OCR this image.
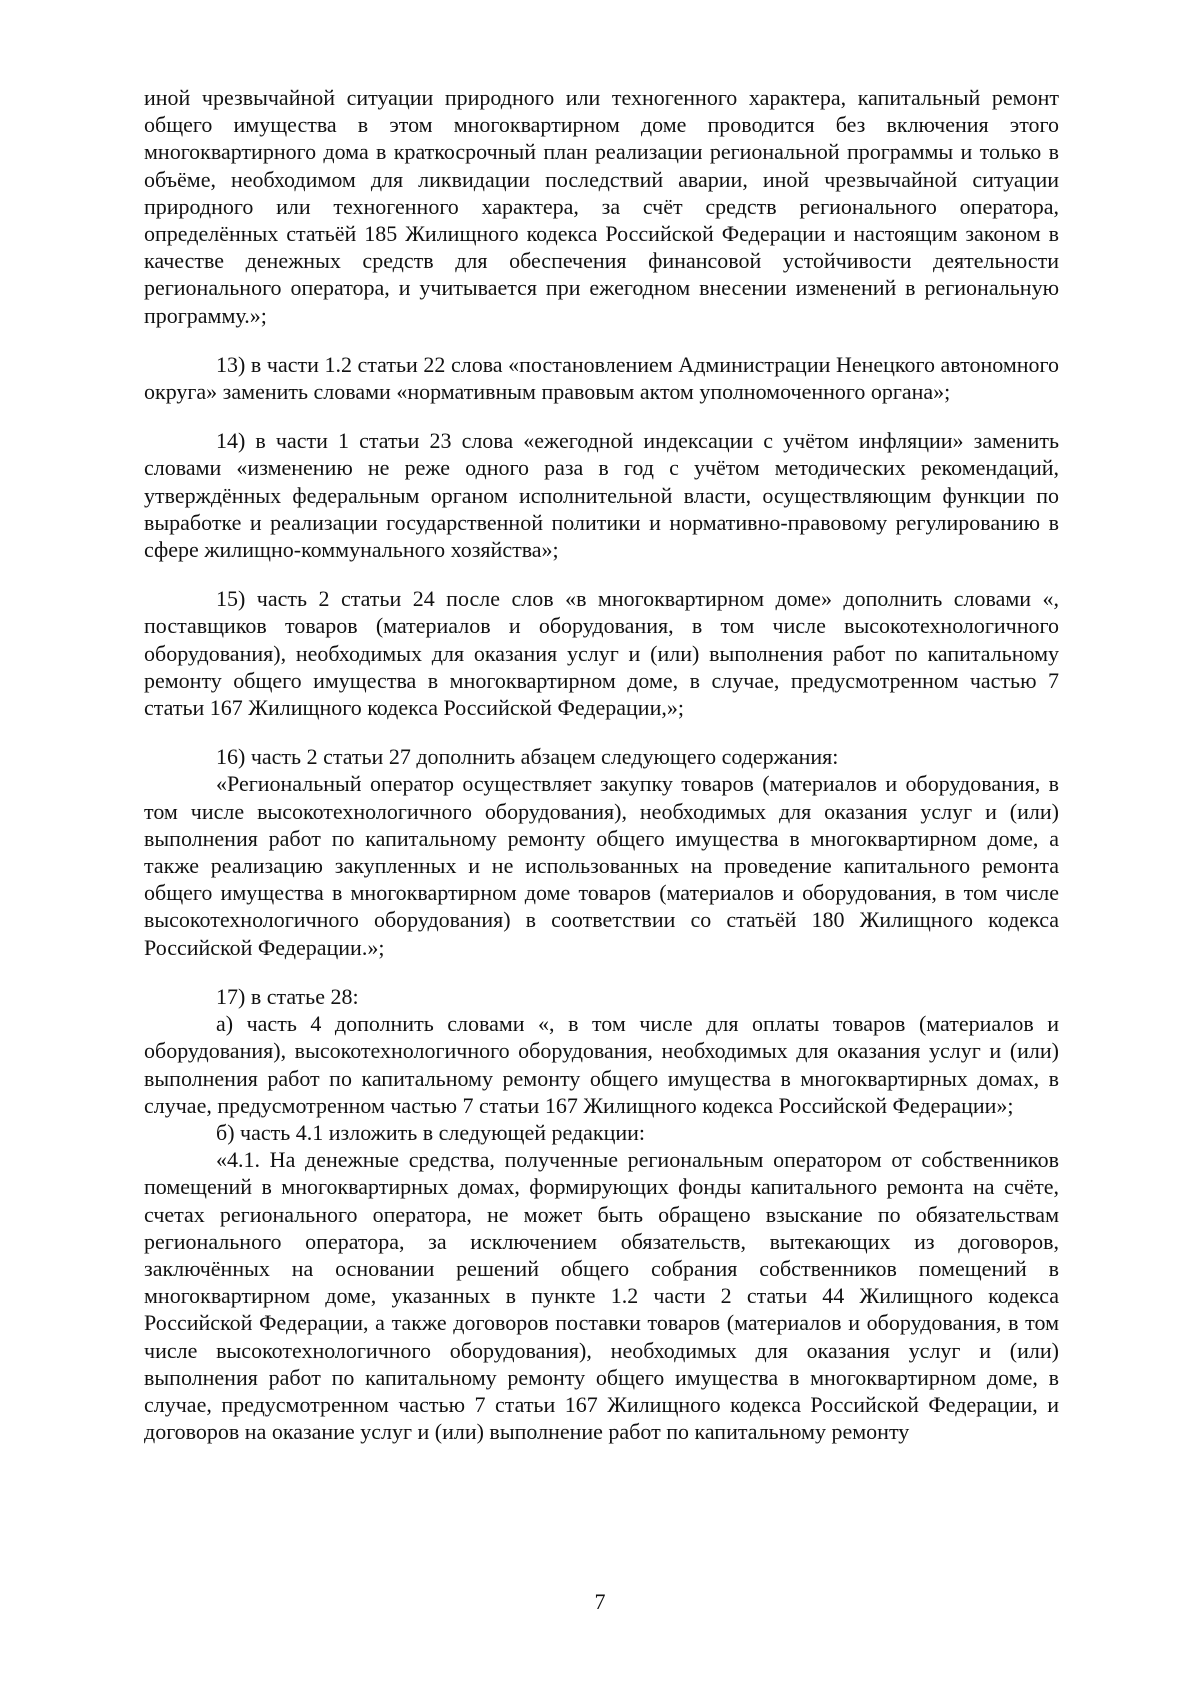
иной чрезвычайной ситуации природного или техногенного характера, капитальный ремонт общего имущества в этом многоквартирном доме проводится без включения этого многоквартирного дома в краткосрочный план реализации региональной программы и только в объёме, необходимом для ликвидации последствий аварии, иной чрезвычайной ситуации природного или техногенного характера, за счёт средств регионального оператора, определённых статьёй 185 Жилищного кодекса Российской Федерации и настоящим законом в качестве денежных средств для обеспечения финансовой устойчивости деятельности регионального оператора, и учитывается при ежегодном внесении изменений в региональную программу.»;

13) в части 1.2 статьи 22 слова «постановлением Администрации Ненецкого автономного округа» заменить словами «нормативным правовым актом уполномоченного органа»;

14) в части 1 статьи 23 слова «ежегодной индексации с учётом инфляции» заменить словами «изменению не реже одного раза в год с учётом методических рекомендаций, утверждённых федеральным органом исполнительной власти, осуществляющим функции по выработке и реализации государственной политики и нормативно-правовому регулированию в сфере жилищно-коммунального хозяйства»;

15) часть 2 статьи 24 после слов «в многоквартирном доме» дополнить словами «, поставщиков товаров (материалов и оборудования, в том числе высокотехнологичного оборудования), необходимых для оказания услуг и (или) выполнения работ по капитальному ремонту общего имущества в многоквартирном доме, в случае, предусмотренном частью 7 статьи 167 Жилищного кодекса Российской Федерации,»;

16) часть 2 статьи 27 дополнить абзацем следующего содержания:

«Региональный оператор осуществляет закупку товаров (материалов и оборудования, в том числе высокотехнологичного оборудования), необходимых для оказания услуг и (или) выполнения работ по капитальному ремонту общего имущества в многоквартирном доме, а также реализацию закупленных и не использованных на проведение капитального ремонта общего имущества в многоквартирном доме товаров (материалов и оборудования, в том числе высокотехнологичного оборудования) в соответствии со статьёй 180 Жилищного кодекса Российской Федерации.»;

17) в статье 28:

а) часть 4 дополнить словами «, в том числе для оплаты товаров (материалов и оборудования), высокотехнологичного оборудования, необходимых для оказания услуг и (или) выполнения работ по капитальному ремонту общего имущества в многоквартирных домах, в случае, предусмотренном частью 7 статьи 167 Жилищного кодекса Российской Федерации»;

б) часть 4.1 изложить в следующей редакции:

«4.1. На денежные средства, полученные региональным оператором от собственников помещений в многоквартирных домах, формирующих фонды капитального ремонта на счёте, счетах регионального оператора, не может быть обращено взыскание по обязательствам регионального оператора, за исключением обязательств, вытекающих из договоров, заключённых на основании решений общего собрания собственников помещений в многоквартирном доме, указанных в пункте 1.2 части 2 статьи 44 Жилищного кодекса Российской Федерации, а также договоров поставки товаров (материалов и оборудования, в том числе высокотехнологичного оборудования), необходимых для оказания услуг и (или) выполнения работ по капитальному ремонту общего имущества в многоквартирном доме, в случае, предусмотренном частью 7 статьи 167 Жилищного кодекса Российской Федерации, и договоров на оказание услуг и (или) выполнение работ по капитальному ремонту

7
